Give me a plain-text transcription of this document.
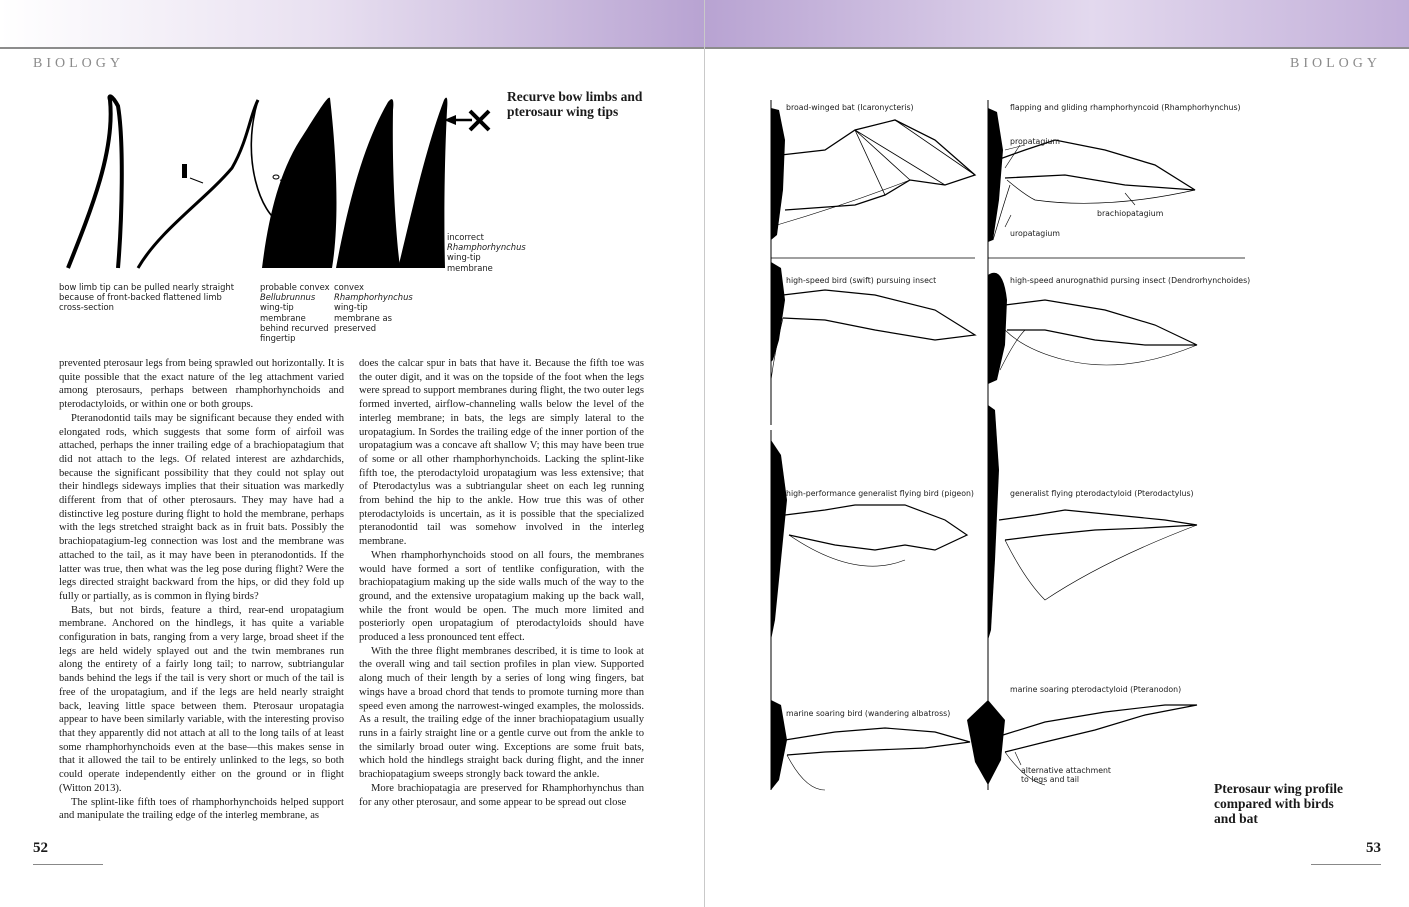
BIOLOGY
Recurve bow limbs and pterosaur wing tips
bow limb tip can be pulled nearly straight because of front-backed flattened limb cross-section
probable convex
Bellubrunnus
wing-tip
membrane
behind recurved
fingertip
convex
Rhamphorhynchus
wing-tip
membrane as
preserved
incorrect
Rhamphorhynchus
wing-tip
membrane

prevented pterosaur legs from being sprawled out horizontally. It is quite possible that the exact nature of the leg attachment varied among pterosaurs, perhaps between rhamphorhynchoids and pterodactyloids, or within one or both groups.

Pteranodontid tails may be significant because they ended with elongated rods, which suggests that some form of airfoil was attached, perhaps the inner trailing edge of a brachiopatagium that did not attach to the legs. Of related interest are azhdarchids, because the significant possibility that they could not splay out their hindlegs sideways implies that their situation was markedly different from that of other pterosaurs. They may have had a distinctive leg posture during flight to hold the membrane, perhaps with the legs stretched straight back as in fruit bats. Possibly the brachiopatagium-leg connection was lost and the membrane was attached to the tail, as it may have been in pteranodontids. If the latter was true, then what was the leg pose during flight? Were the legs directed straight backward from the hips, or did they fold up fully or partially, as is common in flying birds?

Bats, but not birds, feature a third, rear-end uropatagium membrane. Anchored on the hindlegs, it has quite a variable configuration in bats, ranging from a very large, broad sheet if the legs are held widely splayed out and the twin membranes run along the entirety of a fairly long tail; to narrow, subtriangular bands behind the legs if the tail is very short or much of the tail is free of the uropatagium, and if the legs are held nearly straight back, leaving little space between them. Pterosaur uropatagia appear to have been similarly variable, with the interesting proviso that they apparently did not attach at all to the long tails of at least some rhamphorhynchoids even at the base—this makes sense in that it allowed the tail to be entirely unlinked to the legs, so both could operate independently either on the ground or in flight (Witton 2013).

The splint-like fifth toes of rhamphorhynchoids helped support and manipulate the trailing edge of the interleg membrane, as

does the calcar spur in bats that have it. Because the fifth toe was the outer digit, and it was on the topside of the foot when the legs were spread to support membranes during flight, the two outer legs formed inverted, airflow-channeling walls below the level of the interleg membrane; in bats, the legs are simply lateral to the uropatagium. In Sordes the trailing edge of the inner portion of the uropatagium was a concave aft shallow V; this may have been true of some or all other rhamphorhynchoids. Lacking the splint-like fifth toe, the pterodactyloid uropatagium was less extensive; that of Pterodactylus was a subtriangular sheet on each leg running from behind the hip to the ankle. How true this was of other pterodactyloids is uncertain, as it is possible that the specialized pteranodontid tail was somehow involved in the interleg membrane.

When rhamphorhynchoids stood on all fours, the membranes would have formed a sort of tentlike configuration, with the brachiopatagium making up the side walls much of the way to the ground, and the extensive uropatagium making up the back wall, while the front would be open. The much more limited and posteriorly open uropatagium of pterodactyloids should have produced a less pronounced tent effect.

With the three flight membranes described, it is time to look at the overall wing and tail section profiles in plan view. Supported along much of their length by a series of long wing fingers, bat wings have a broad chord that tends to promote turning more than speed even among the narrowest-winged examples, the molossids. As a result, the trailing edge of the inner brachiopatagium usually runs in a fairly straight line or a gentle curve out from the ankle to the similarly broad outer wing. Exceptions are some fruit bats, which hold the hindlegs straight back during flight, and the inner brachiopatagium sweeps strongly back toward the ankle.

More brachiopatagia are preserved for Rhamphorhynchus than for any other pterosaur, and some appear to be spread out close

52
BIOLOGY
broad-winged bat (Icaronycteris)	flapping and gliding rhamphorhyncoid (Rhamphorhynchus)
propatagium
brachiopatagium
uropatagium
high-speed bird (swift) pursuing insect	high-speed anurognathid pursing insect (Dendrorhynchoides)
high-performance generalist flying bird (pigeon)	generalist flying pterodactyloid (Pterodactylus)
marine soaring bird (wandering albatross)
marine soaring pterodactyloid (Pteranodon)
alternative attachment
to legs and tail
Pterosaur wing profile compared with birds and bat
53
